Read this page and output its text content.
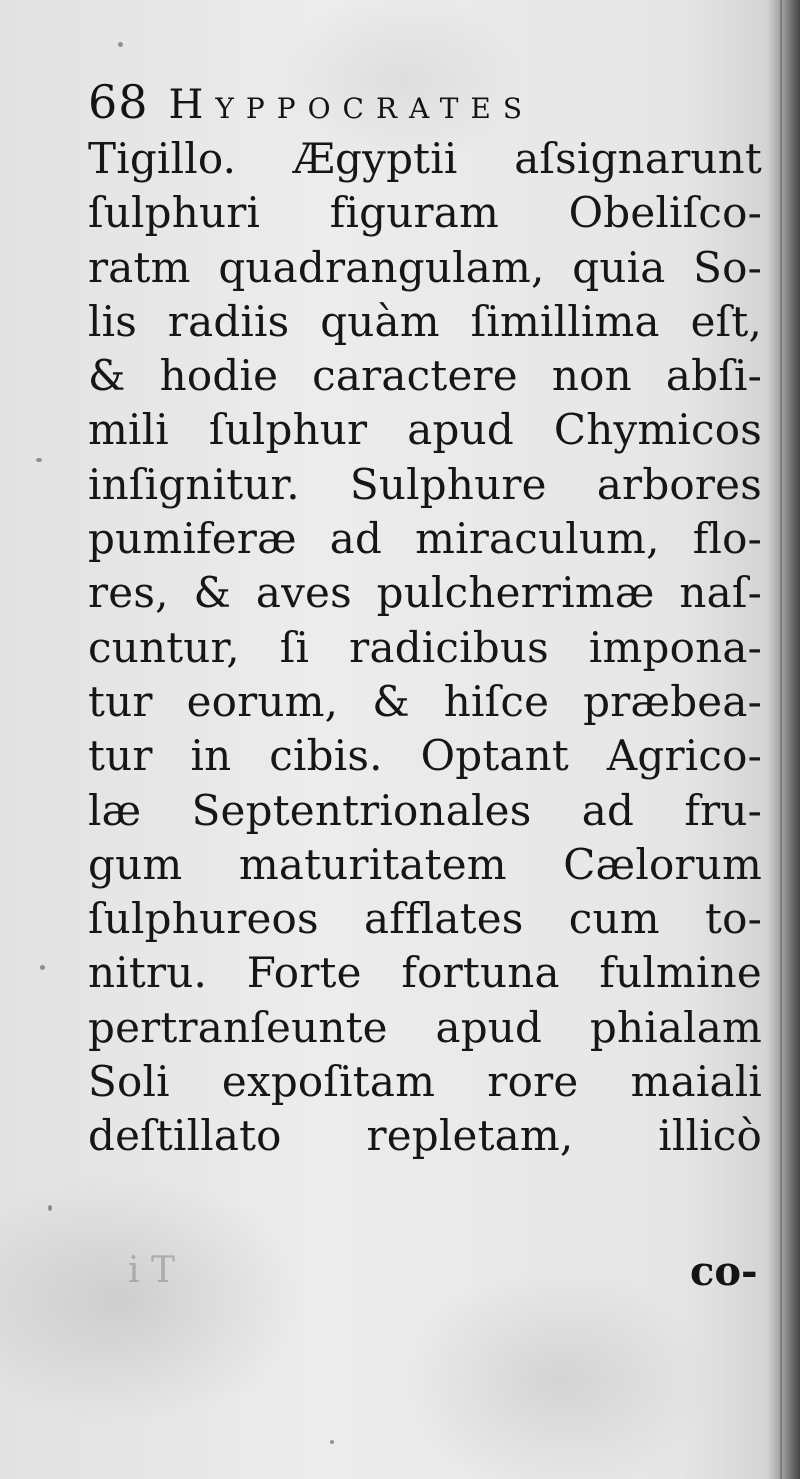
68 Hyppocrates
Tigillo. Ægyptii aſsignarunt
ſulphuri figuram Obeliſco-
ratm quadrangulam, quia So-
lis radiis quàm ſimillima eſt,
& hodie caractere non abſi-
mili ſulphur apud Chymicos
inſignitur. Sulphure arbores
pumiferæ ad miraculum, flo-
res, & aves pulcherrimæ naſ-
cuntur, ſi radicibus impona-
tur eorum, & hiſce præbea-
tur in cibis. Optant Agrico-
læ Septentrionales ad fru-
gum maturitatem Cælorum
ſulphureos afflates cum to-
nitru. Forte fortuna fulmine
pertranſeunte apud phialam
Soli expoſitam rore maiali
deſtillato repletam, illicò
i T	co-
